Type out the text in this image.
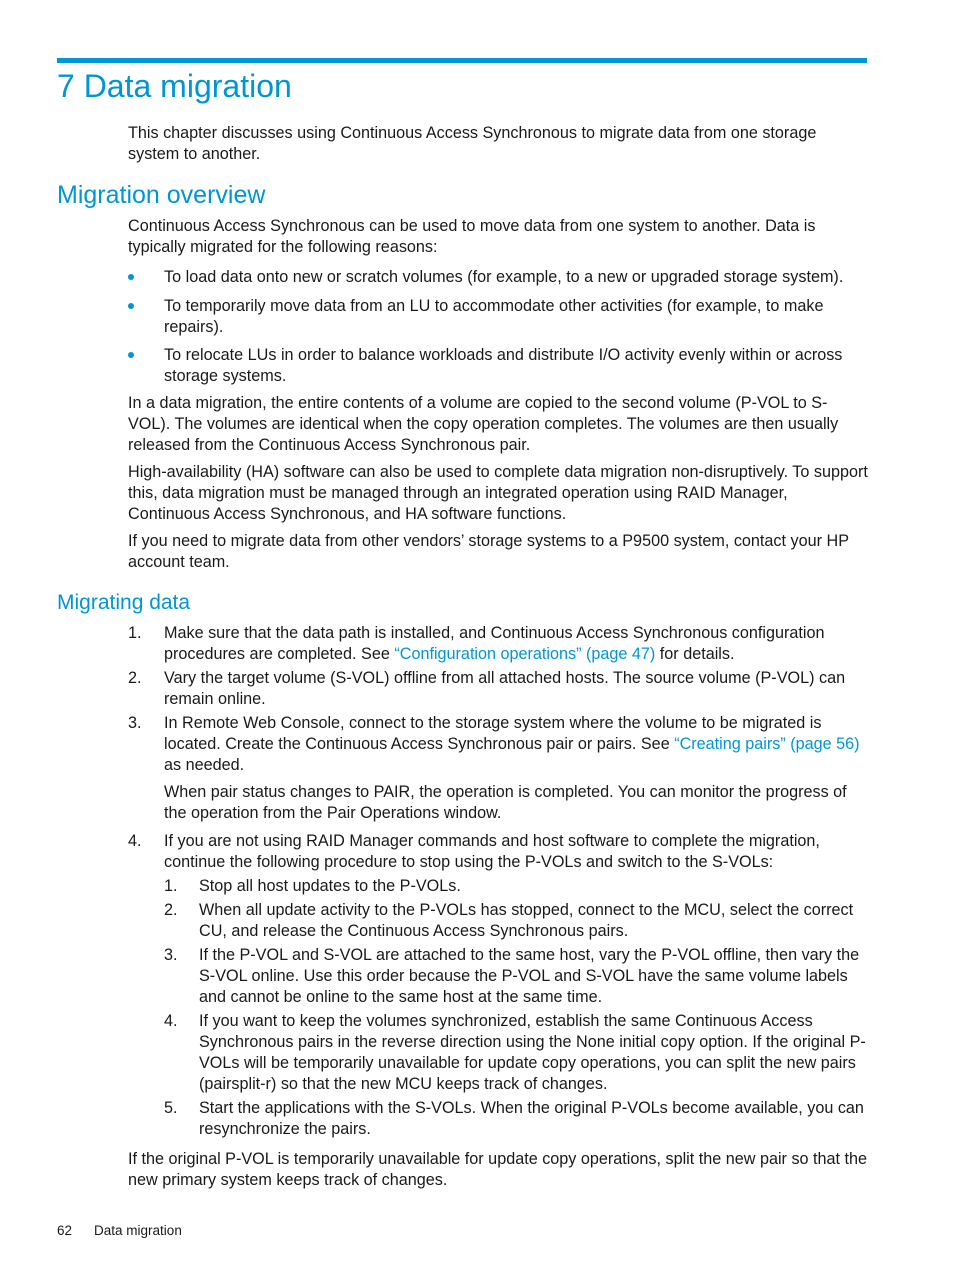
7 Data migration

This chapter discusses using Continuous Access Synchronous to migrate data from one storage system to another.

Migration overview

Continuous Access Synchronous can be used to move data from one system to another. Data is typically migrated for the following reasons:

To load data onto new or scratch volumes (for example, to a new or upgraded storage system).
To temporarily move data from an LU to accommodate other activities (for example, to make repairs).
To relocate LUs in order to balance workloads and distribute I/O activity evenly within or across storage systems.

In a data migration, the entire contents of a volume are copied to the second volume (P-VOL to S-VOL). The volumes are identical when the copy operation completes. The volumes are then usually released from the Continuous Access Synchronous pair.

High-availability (HA) software can also be used to complete data migration non-disruptively. To support this, data migration must be managed through an integrated operation using RAID Manager, Continuous Access Synchronous, and HA software functions.

If you need to migrate data from other vendors’ storage systems to a P9500 system, contact your HP account team.

Migrating data
1. Make sure that the data path is installed, and Continuous Access Synchronous configuration procedures are completed. See “Configuration operations” (page 47) for details.
2. Vary the target volume (S-VOL) offline from all attached hosts. The source volume (P-VOL) can remain online.
3. In Remote Web Console, connect to the storage system where the volume to be migrated is located. Create the Continuous Access Synchronous pair or pairs. See “Creating pairs” (page 56) as needed.

When pair status changes to PAIR, the operation is completed. You can monitor the progress of the operation from the Pair Operations window.

4. If you are not using RAID Manager commands and host software to complete the migration, continue the following procedure to stop using the P-VOLs and switch to the S-VOLs:
1. Stop all host updates to the P-VOLs.
2. When all update activity to the P-VOLs has stopped, connect to the MCU, select the correct CU, and release the Continuous Access Synchronous pairs.
3. If the P-VOL and S-VOL are attached to the same host, vary the P-VOL offline, then vary the S-VOL online. Use this order because the P-VOL and S-VOL have the same volume labels and cannot be online to the same host at the same time.
4. If you want to keep the volumes synchronized, establish the same Continuous Access Synchronous pairs in the reverse direction using the None initial copy option. If the original P-VOLs will be temporarily unavailable for update copy operations, you can split the new pairs (pairsplit-r) so that the new MCU keeps track of changes.
5. Start the applications with the S-VOLs. When the original P-VOLs become available, you can resynchronize the pairs.

If the original P-VOL is temporarily unavailable for update copy operations, split the new pair so that the new primary system keeps track of changes.

62 Data migration
